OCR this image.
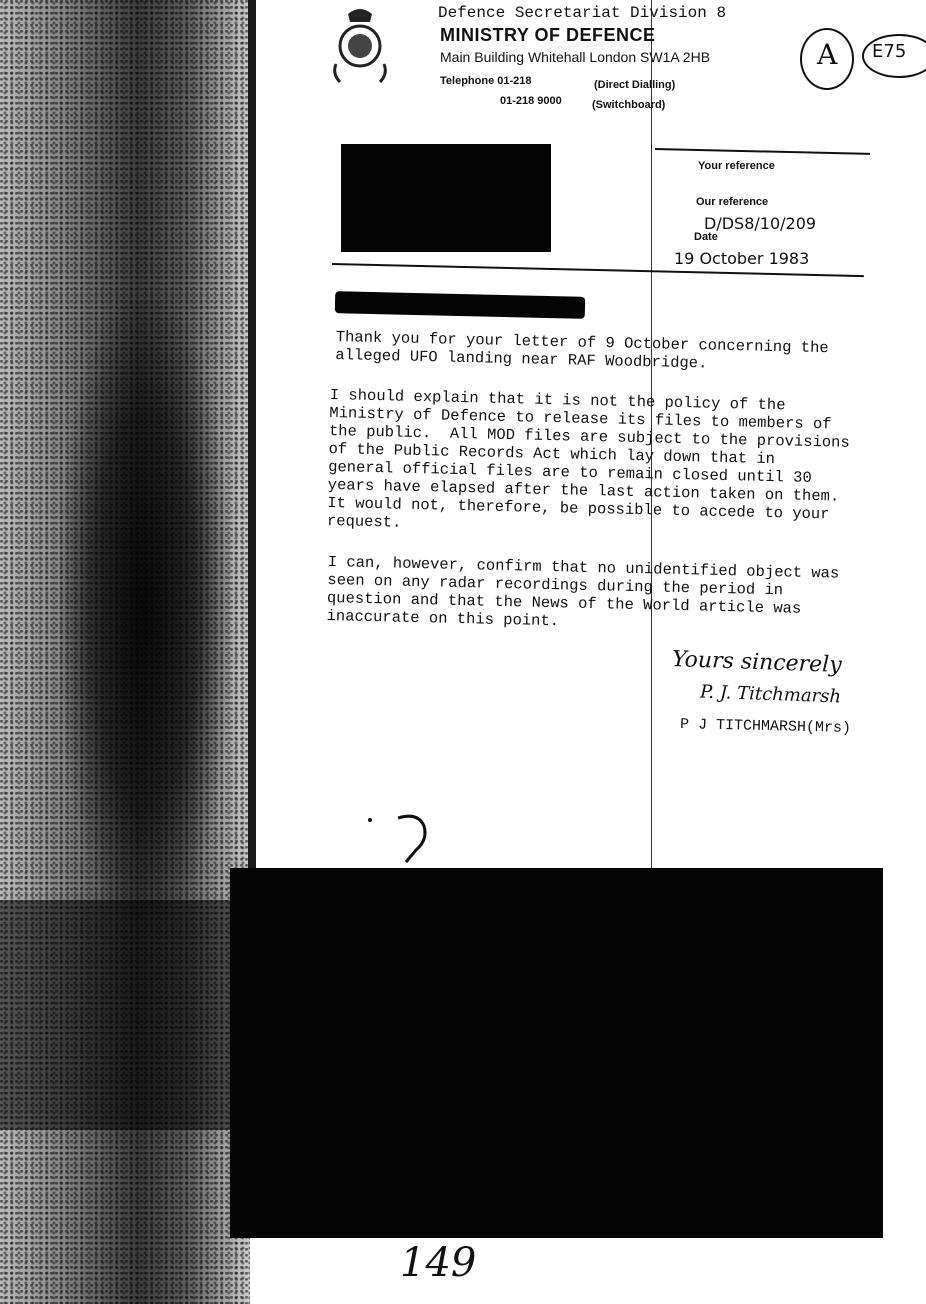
Defence Secretariat Division 8
MINISTRY OF DEFENCE
Main Building Whitehall London SW1A 2HB
Telephone 01-218	(Direct Dialling)
01-218 9000	(Switchboard)
A E75
Your reference
Our reference
D/DS8/10/209
Date
19 October 1983
Thank you for your letter of 9 October concerning the
alleged UFO landing near RAF Woodbridge.
I should explain that it is not the policy of the
Ministry of Defence to release its files to members of
the public.  All MOD files are subject to the provisions
of the Public Records Act which lay down that in
general official files are to remain closed until 30
years have elapsed after the last action taken on them.
It would not, therefore, be possible to accede to your
request.
I can, however, confirm that no unidentified object was
seen on any radar recordings during the period in
question and that the News of the World article was
inaccurate on this point.
Yours sincerely
P. J. Titchmarsh
P J TITCHMARSH(Mrs)
149
